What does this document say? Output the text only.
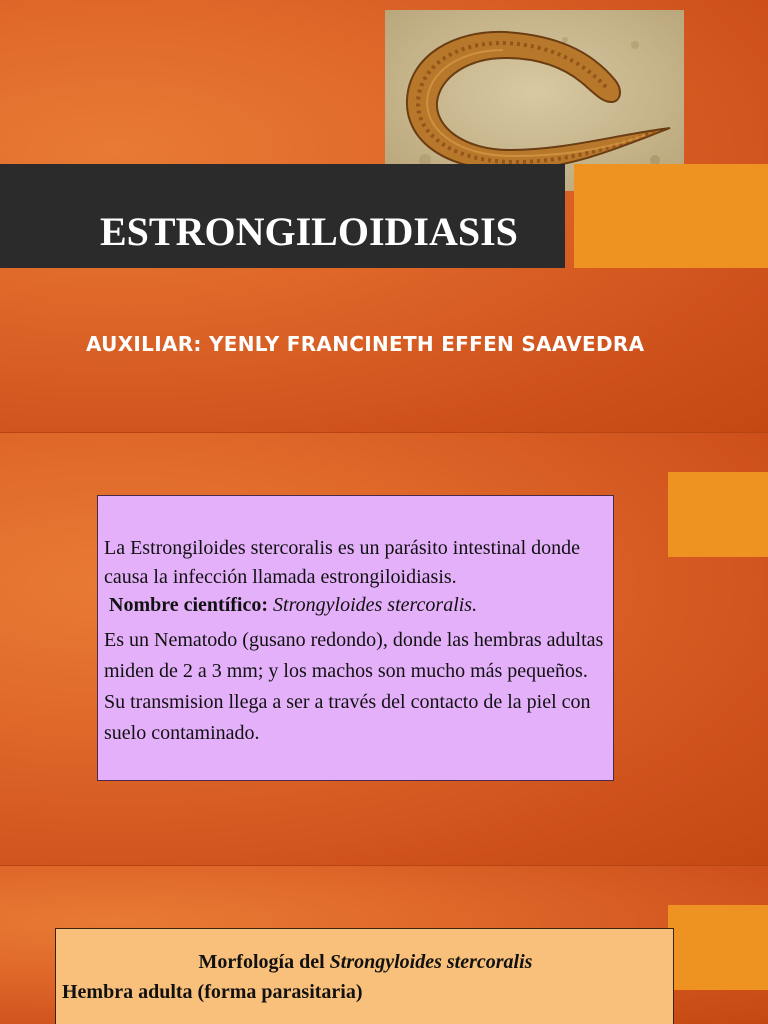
ESTRONGILOIDIASIS
AUXILIAR: YENLY FRANCINETH EFFEN SAAVEDRA

La Estrongiloides stercoralis es un parásito intestinal donde causa la infección llamada estrongiloidiasis.

Nombre científico: Strongyloides stercoralis.

Es un Nematodo (gusano redondo), donde las hembras adultas miden de 2 a 3 mm; y los machos son mucho más pequeños. Su transmision llega a ser a través del contacto de la piel con suelo contaminado.

Morfología del Strongyloides stercoralis
Hembra adulta (forma parasitaria)
